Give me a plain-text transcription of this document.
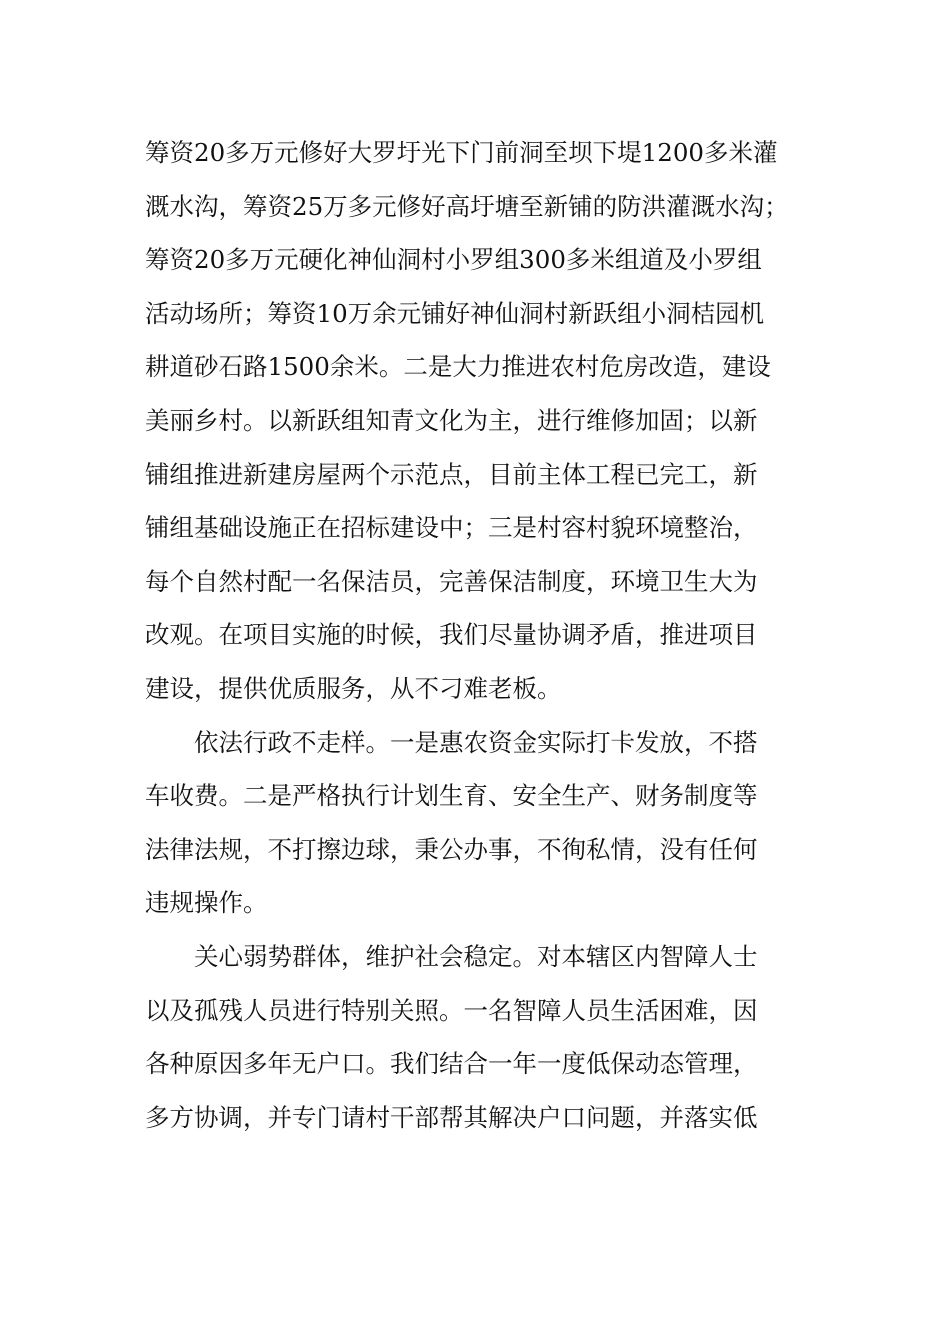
筹资20多万元修好大罗圩光下门前洞至坝下堤1200多米灌
溉水沟，筹资25万多元修好高圩塘至新铺的防洪灌溉水沟；
筹资20多万元硬化神仙洞村小罗组300多米组道及小罗组
活动场所；筹资10万余元铺好神仙洞村新跃组小洞桔园机
耕道砂石路1500余米。二是大力推进农村危房改造，建设
美丽乡村。以新跃组知青文化为主，进行维修加固；以新
铺组推进新建房屋两个示范点，目前主体工程已完工，新
铺组基础设施正在招标建设中；三是村容村貌环境整治，
每个自然村配一名保洁员，完善保洁制度，环境卫生大为
改观。在项目实施的时候，我们尽量协调矛盾，推进项目
建设，提供优质服务，从不刁难老板。
　　依法行政不走样。一是惠农资金实际打卡发放，不搭
车收费。二是严格执行计划生育、安全生产、财务制度等
法律法规，不打擦边球，秉公办事，不徇私情，没有任何
违规操作。
　　关心弱势群体，维护社会稳定。对本辖区内智障人士
以及孤残人员进行特别关照。一名智障人员生活困难，因
各种原因多年无户口。我们结合一年一度低保动态管理，
多方协调，并专门请村干部帮其解决户口问题，并落实低
